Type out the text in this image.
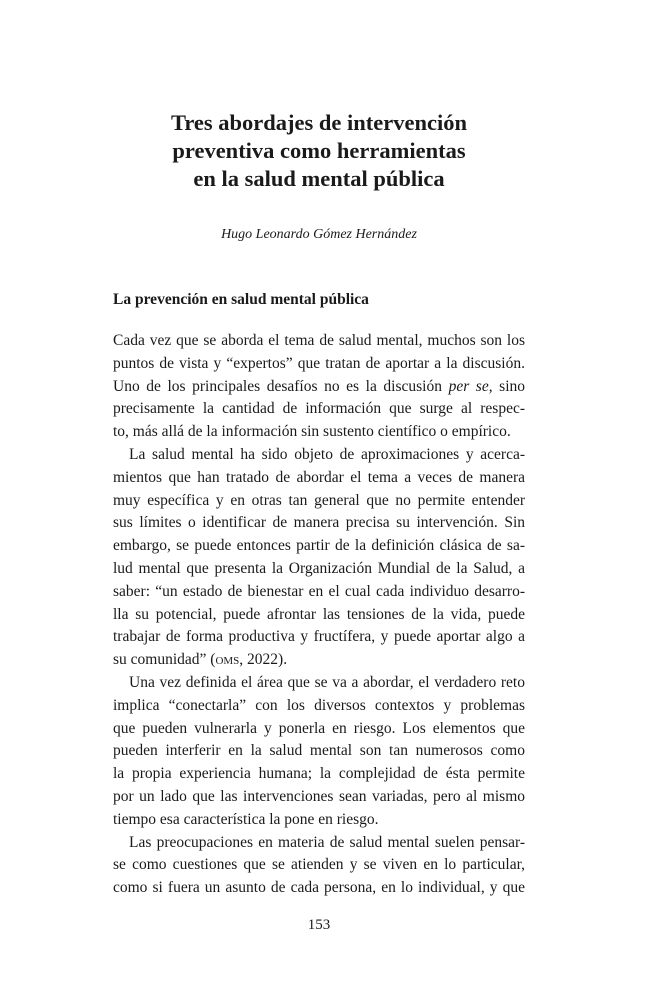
Tres abordajes de intervención
preventiva como herramientas
en la salud mental pública

Hugo Leonardo Gómez Hernández

La prevención en salud mental pública
Cada vez que se aborda el tema de salud mental, muchos son los
puntos de vista y “expertos” que tratan de aportar a la discusión.
Uno de los principales desafíos no es la discusión per se, sino
precisamente la cantidad de información que surge al respec-
to, más allá de la información sin sustento científico o empírico.
La salud mental ha sido objeto de aproximaciones y acerca-
mientos que han tratado de abordar el tema a veces de manera
muy específica y en otras tan general que no permite entender
sus límites o identificar de manera precisa su intervención. Sin
embargo, se puede entonces partir de la definición clásica de sa-
lud mental que presenta la Organización Mundial de la Salud, a
saber: “un estado de bienestar en el cual cada individuo desarro-
lla su potencial, puede afrontar las tensiones de la vida, puede
trabajar de forma productiva y fructífera, y puede aportar algo a
su comunidad” (oms, 2022).
Una vez definida el área que se va a abordar, el verdadero reto
implica “conectarla” con los diversos contextos y problemas
que pueden vulnerarla y ponerla en riesgo. Los elementos que
pueden interferir en la salud mental son tan numerosos como
la propia experiencia humana; la complejidad de ésta permite
por un lado que las intervenciones sean variadas, pero al mismo
tiempo esa característica la pone en riesgo.
Las preocupaciones en materia de salud mental suelen pensar-
se como cuestiones que se atienden y se viven en lo particular,
como si fuera un asunto de cada persona, en lo individual, y que

153
